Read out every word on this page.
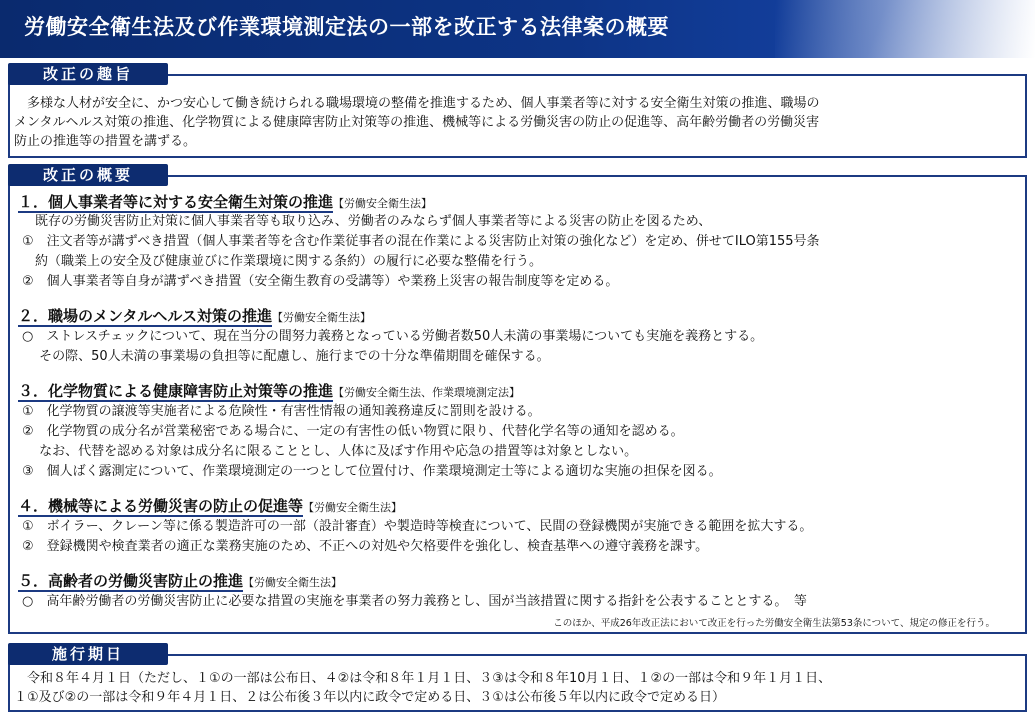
労働安全衛生法及び作業環境測定法の一部を改正する法律案の概要
改正の趣旨
　多様な人材が安全に、かつ安心して働き続けられる職場環境の整備を推進するため、個人事業者等に対する安全衛生対策の推進、職場の
メンタルヘルス対策の推進、化学物質による健康障害防止対策等の推進、機械等による労働災害の防止の促進等、高年齢労働者の労働災害
防止の推進等の措置を講ずる。
改正の概要
１．個人事業者等に対する安全衛生対策の推進【労働安全衛生法】
　既存の労働災害防止対策に個人事業者等も取り込み、労働者のみならず個人事業者等による災害の防止を図るため、
①　注文者等が講ずべき措置（個人事業者等を含む作業従事者の混在作業による災害防止対策の強化など）を定め、併せてILO第155号条
　約（職業上の安全及び健康並びに作業環境に関する条約）の履行に必要な整備を行う。
②　個人事業者等自身が講ずべき措置（安全衛生教育の受講等）や業務上災害の報告制度等を定める。
２．職場のメンタルヘルス対策の推進【労働安全衛生法】
○　ストレスチェックについて、現在当分の間努力義務となっている労働者数50人未満の事業場についても実施を義務とする。
　 その際、50人未満の事業場の負担等に配慮し、施行までの十分な準備期間を確保する。
３．化学物質による健康障害防止対策等の推進【労働安全衛生法、作業環境測定法】
①　化学物質の譲渡等実施者による危険性・有害性情報の通知義務違反に罰則を設ける。
②　化学物質の成分名が営業秘密である場合に、一定の有害性の低い物質に限り、代替化学名等の通知を認める。
　 なお、代替を認める対象は成分名に限ることとし、人体に及ぼす作用や応急の措置等は対象としない。
③　個人ばく露測定について、作業環境測定の一つとして位置付け、作業環境測定士等による適切な実施の担保を図る。
４．機械等による労働災害の防止の促進等【労働安全衛生法】
①　ボイラー、クレーン等に係る製造許可の一部（設計審査）や製造時等検査について、民間の登録機関が実施できる範囲を拡大する。
②　登録機関や検査業者の適正な業務実施のため、不正への対処や欠格要件を強化し、検査基準への遵守義務を課す。
５．高齢者の労働災害防止の推進【労働安全衛生法】
○　高年齢労働者の労働災害防止に必要な措置の実施を事業者の努力義務とし、国が当該措置に関する指針を公表することとする。　等
このほか、平成26年改正法において改正を行った労働安全衛生法第53条について、規定の修正を行う。
施行期日
　令和８年４月１日（ただし、１①の一部は公布日、４②は令和８年１月１日、３③は令和８年10月１日、１②の一部は令和９年１月１日、
１①及び②の一部は令和９年４月１日、２は公布後３年以内に政令で定める日、３①は公布後５年以内に政令で定める日）
